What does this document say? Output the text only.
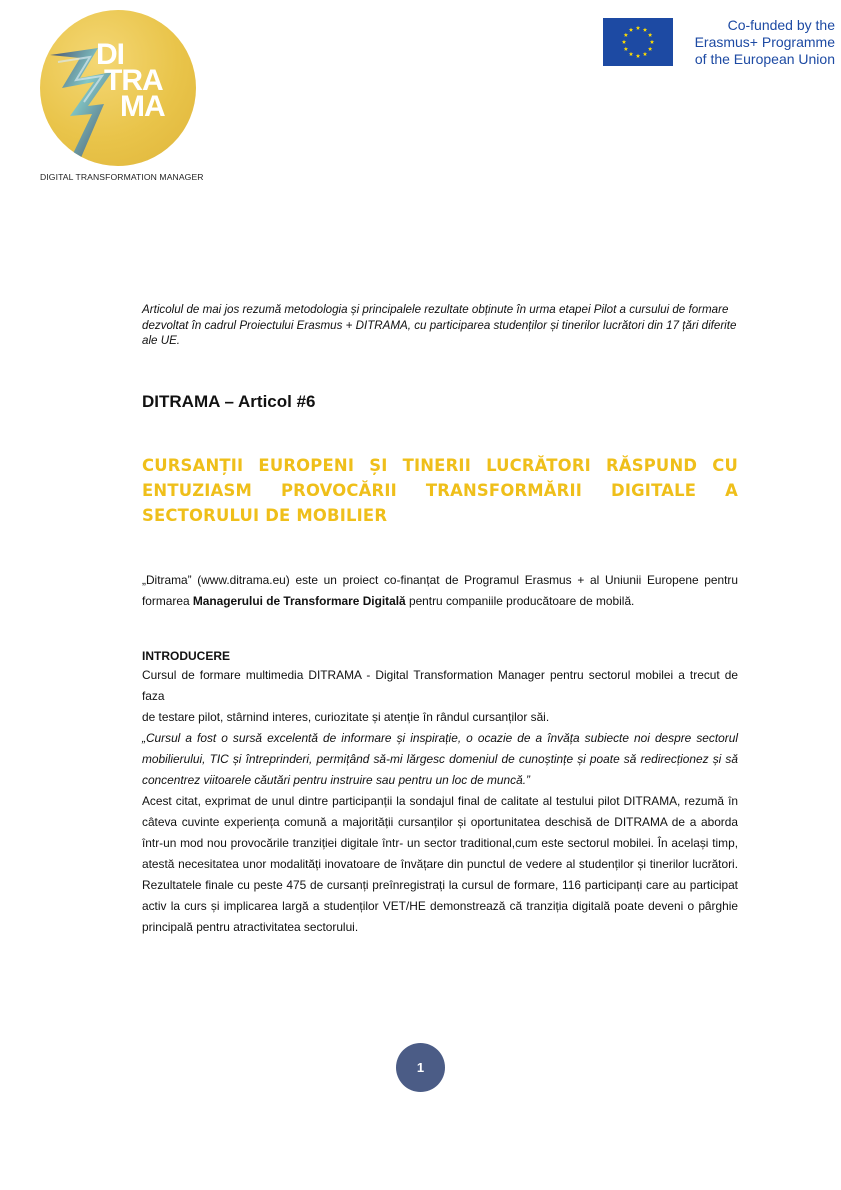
DI
TRA
MA
DIGITAL TRANSFORMATION MANAGER
Co-funded by the
Erasmus+ Programme
of the European Union
Articolul de mai jos rezumă metodologia și principalele rezultate obținute în urma etapei Pilot a cursului de formare dezvoltat în cadrul Proiectului Erasmus + DITRAMA, cu participarea studenților și tinerilor lucrători din 17 țări diferite ale UE.
DITRAMA – Articol #6
CURSANȚII EUROPENI ȘI TINERII LUCRĂTORI RĂSPUND CU
ENTUZIASM PROVOCĂRII TRANSFORMĂRII DIGITALE A
SECTORULUI DE MOBILIER
„Ditrama” (www.ditrama.eu) este un proiect co-finanțat de Programul Erasmus + al Uniunii Europene pentru
formarea Managerului de Transformare Digitală pentru companiile producătoare de mobilă.
INTRODUCERE

Cursul de formare multimedia DITRAMA - Digital Transformation Manager pentru sectorul mobilei a trecut de faza
de testare pilot, stârnind interes, curiozitate și atenție în rândul cursanților săi.

„Cursul a fost o sursă excelentă de informare și inspirație, o ocazie de a învăța subiecte noi despre sectorul
mobilierului, TIC și întreprinderi, permițând să-mi lărgesc domeniul de cunoștințe și poate să redirecționez și să
concentrez viitoarele căutări pentru instruire sau pentru un loc de muncă.”

Acest citat, exprimat de unul dintre participanții la sondajul final de calitate al testului pilot DITRAMA, rezumă în
câteva cuvinte experiența comună a majorității cursanților și oportunitatea deschisă de DITRAMA de a aborda
într-un mod nou provocările tranziției digitale într- un sector traditional,cum este sectorul mobilei. În același timp,
atestă necesitatea unor modalități inovatoare de învățare din punctul de vedere al studenților și tinerilor lucrători.
Rezultatele finale cu peste 475 de cursanți preînregistrați la cursul de formare, 116 participanți care au participat
activ la curs și implicarea largă a studenților VET/HE demonstrează că tranziția digitală poate deveni o pârghie
principală pentru atractivitatea sectorului.

1
